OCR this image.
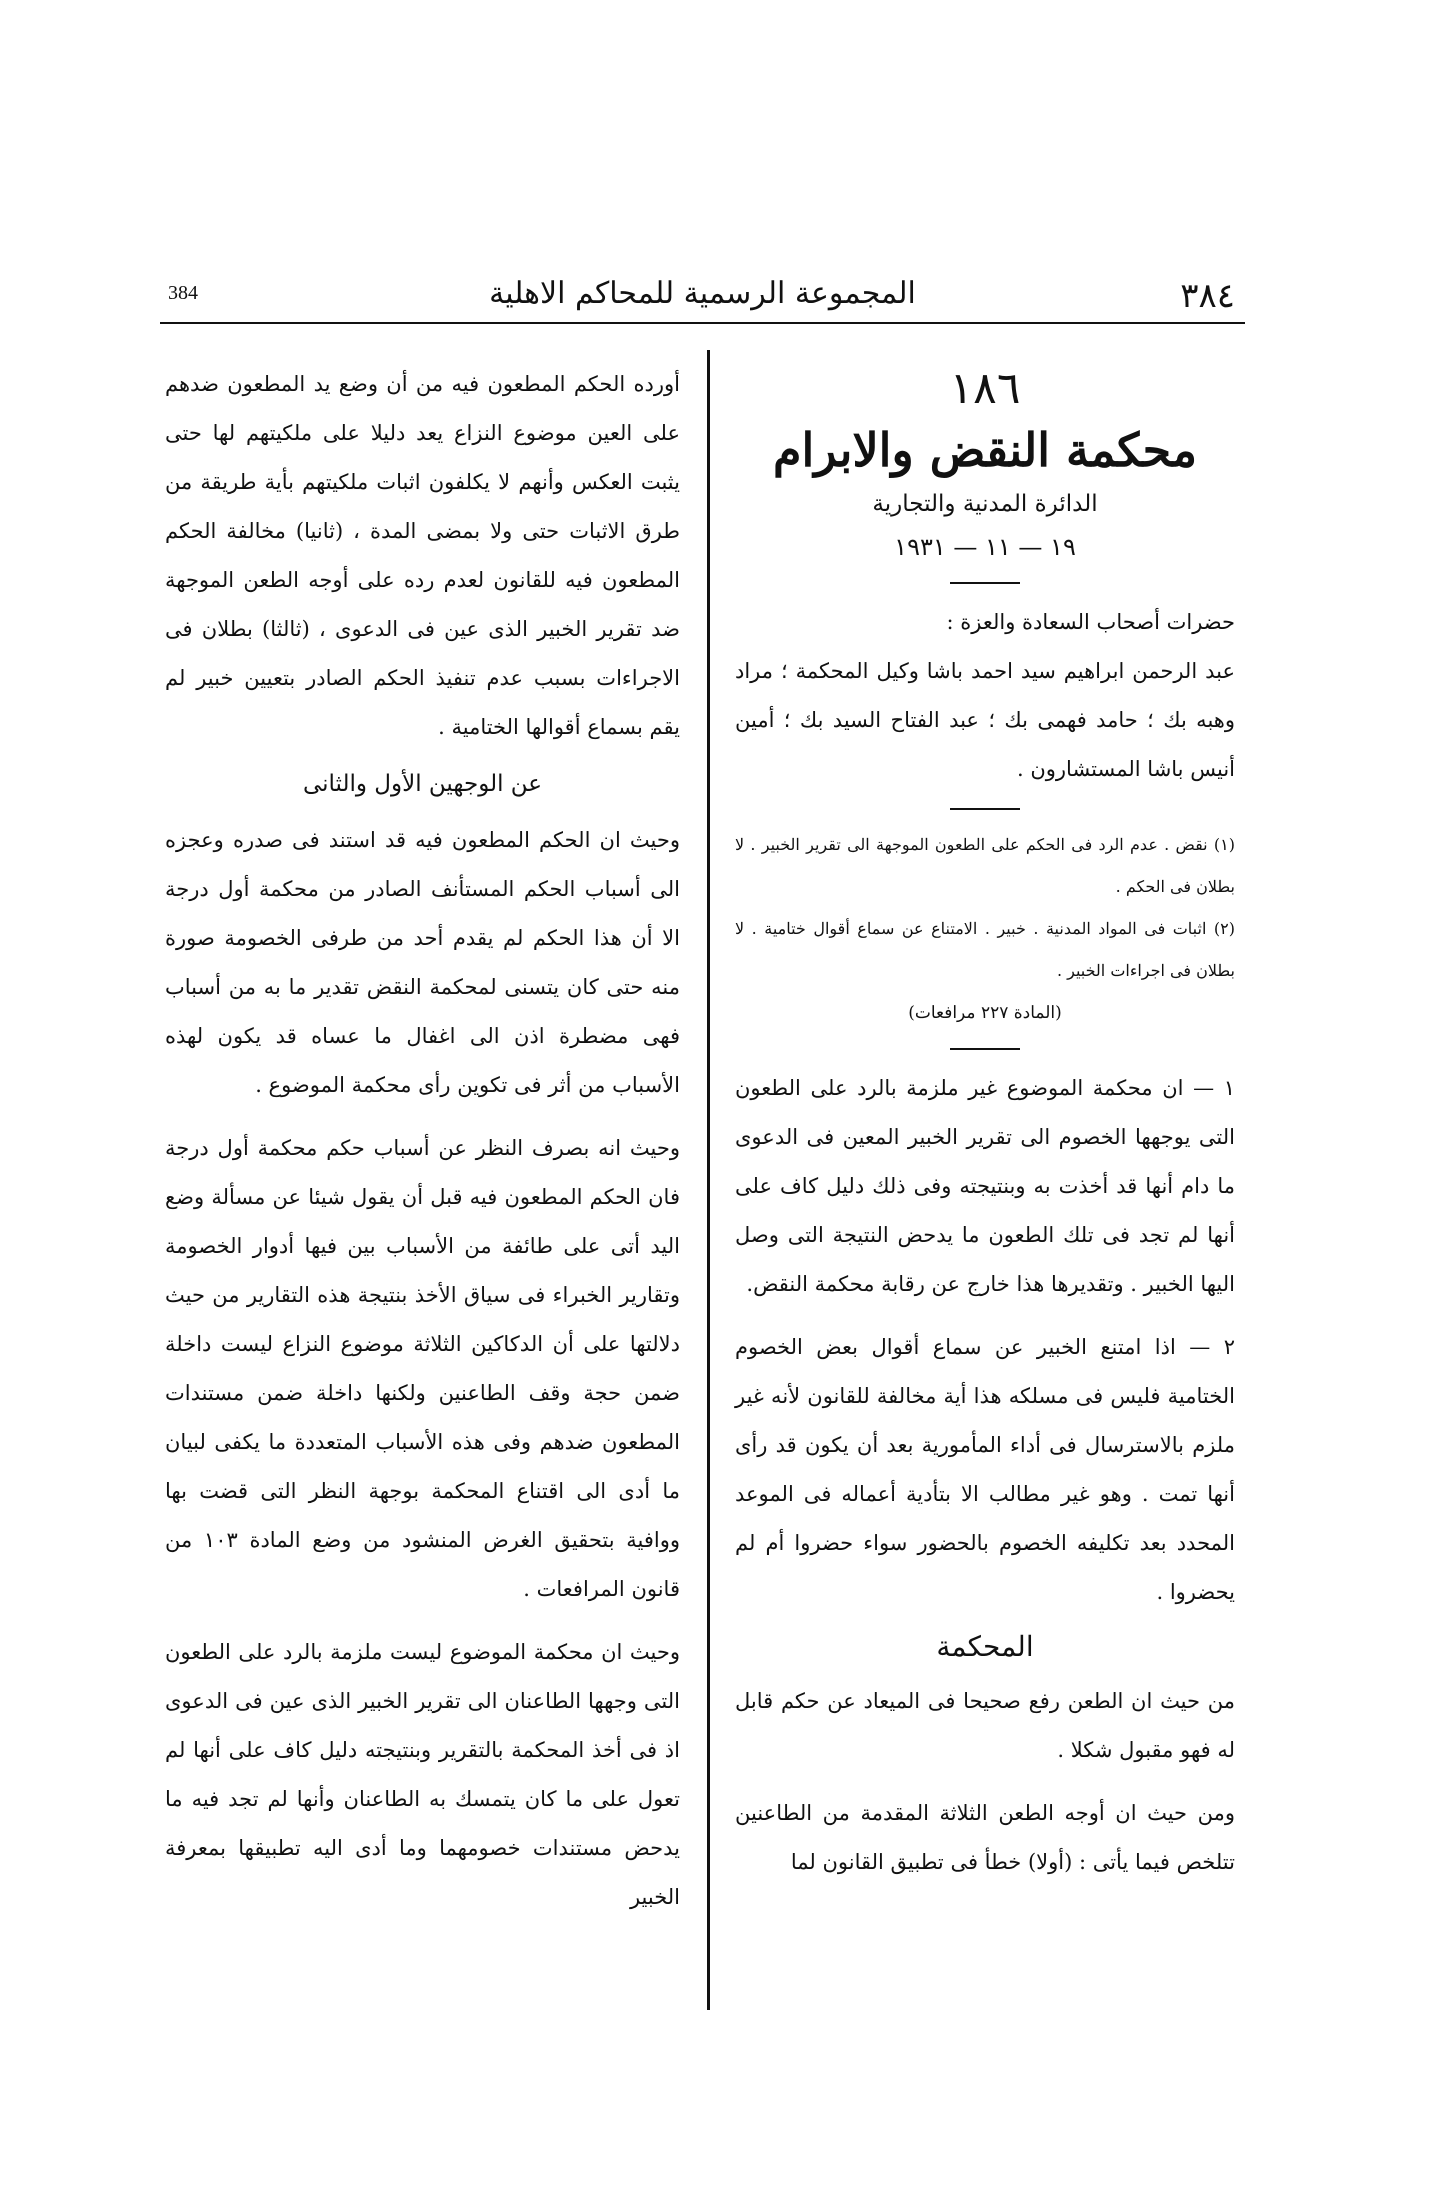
384	المجموعة الرسمية للمحاكم الاهلية	٣٨٤

١٨٦

محكمة النقض والابرام

الدائرة المدنية والتجارية

١٩ — ١١ — ١٩٣١

حضرات أصحاب السعادة والعزة :

عبد الرحمن ابراهيم سيد احمد باشا وكيل المحكمة ؛ مراد وهبه بك ؛ حامد فهمى بك ؛ عبد الفتاح السيد بك ؛ أمين أنيس باشا المستشارون .

(١) نقض . عدم الرد فى الحكم على الطعون الموجهة الى تقرير الخبير . لا بطلان فى الحكم .

(٢) اثبات فى المواد المدنية . خبير . الامتناع عن سماع أقوال ختامية . لا بطلان فى اجراءات الخبير .

(المادة ٢٢٧ مرافعات)

١ — ان محكمة الموضوع غير ملزمة بالرد على الطعون التى يوجهها الخصوم الى تقرير الخبير المعين فى الدعوى ما دام أنها قد أخذت به وبنتيجته وفى ذلك دليل كاف على أنها لم تجد فى تلك الطعون ما يدحض النتيجة التى وصل اليها الخبير . وتقديرها هذا خارج عن رقابة محكمة النقض.

٢ — اذا امتنع الخبير عن سماع أقوال بعض الخصوم الختامية فليس فى مسلكه هذا أية مخالفة للقانون لأنه غير ملزم بالاسترسال فى أداء المأمورية بعد أن يكون قد رأى أنها تمت . وهو غير مطالب الا بتأدية أعماله فى الموعد المحدد بعد تكليفه الخصوم بالحضور سواء حضروا أم لم يحضروا .

المحكمة

من حيث ان الطعن رفع صحيحا فى الميعاد عن حكم قابل له فهو مقبول شكلا .

ومن حيث ان أوجه الطعن الثلاثة المقدمة من الطاعنين تتلخص فيما يأتى : (أولا) خطأ فى تطبيق القانون لما

أورده الحكم المطعون فيه من أن وضع يد المطعون ضدهم على العين موضوع النزاع يعد دليلا على ملكيتهم لها حتى يثبت العكس وأنهم لا يكلفون اثبات ملكيتهم بأية طريقة من طرق الاثبات حتى ولا بمضى المدة ، (ثانيا) مخالفة الحكم المطعون فيه للقانون لعدم رده على أوجه الطعن الموجهة ضد تقرير الخبير الذى عين فى الدعوى ، (ثالثا) بطلان فى الاجراءات بسبب عدم تنفيذ الحكم الصادر بتعيين خبير لم يقم بسماع أقوالها الختامية .

عن الوجهين الأول والثانى

وحيث ان الحكم المطعون فيه قد استند فى صدره وعجزه الى أسباب الحكم المستأنف الصادر من محكمة أول درجة الا أن هذا الحكم لم يقدم أحد من طرفى الخصومة صورة منه حتى كان يتسنى لمحكمة النقض تقدير ما به من أسباب فهى مضطرة اذن الى اغفال ما عساه قد يكون لهذه الأسباب من أثر فى تكوين رأى محكمة الموضوع .

وحيث انه بصرف النظر عن أسباب حكم محكمة أول درجة فان الحكم المطعون فيه قبل أن يقول شيئا عن مسألة وضع اليد أتى على طائفة من الأسباب بين فيها أدوار الخصومة وتقارير الخبراء فى سياق الأخذ بنتيجة هذه التقارير من حيث دلالتها على أن الدكاكين الثلاثة موضوع النزاع ليست داخلة ضمن حجة وقف الطاعنين ولكنها داخلة ضمن مستندات المطعون ضدهم وفى هذه الأسباب المتعددة ما يكفى لبيان ما أدى الى اقتناع المحكمة بوجهة النظر التى قضت بها ووافية بتحقيق الغرض المنشود من وضع المادة ١٠٣ من قانون المرافعات .

وحيث ان محكمة الموضوع ليست ملزمة بالرد على الطعون التى وجهها الطاعنان الى تقرير الخبير الذى عين فى الدعوى اذ فى أخذ المحكمة بالتقرير وبنتيجته دليل كاف على أنها لم تعول على ما كان يتمسك به الطاعنان وأنها لم تجد فيه ما يدحض مستندات خصومهما وما أدى اليه تطبيقها بمعرفة الخبير
